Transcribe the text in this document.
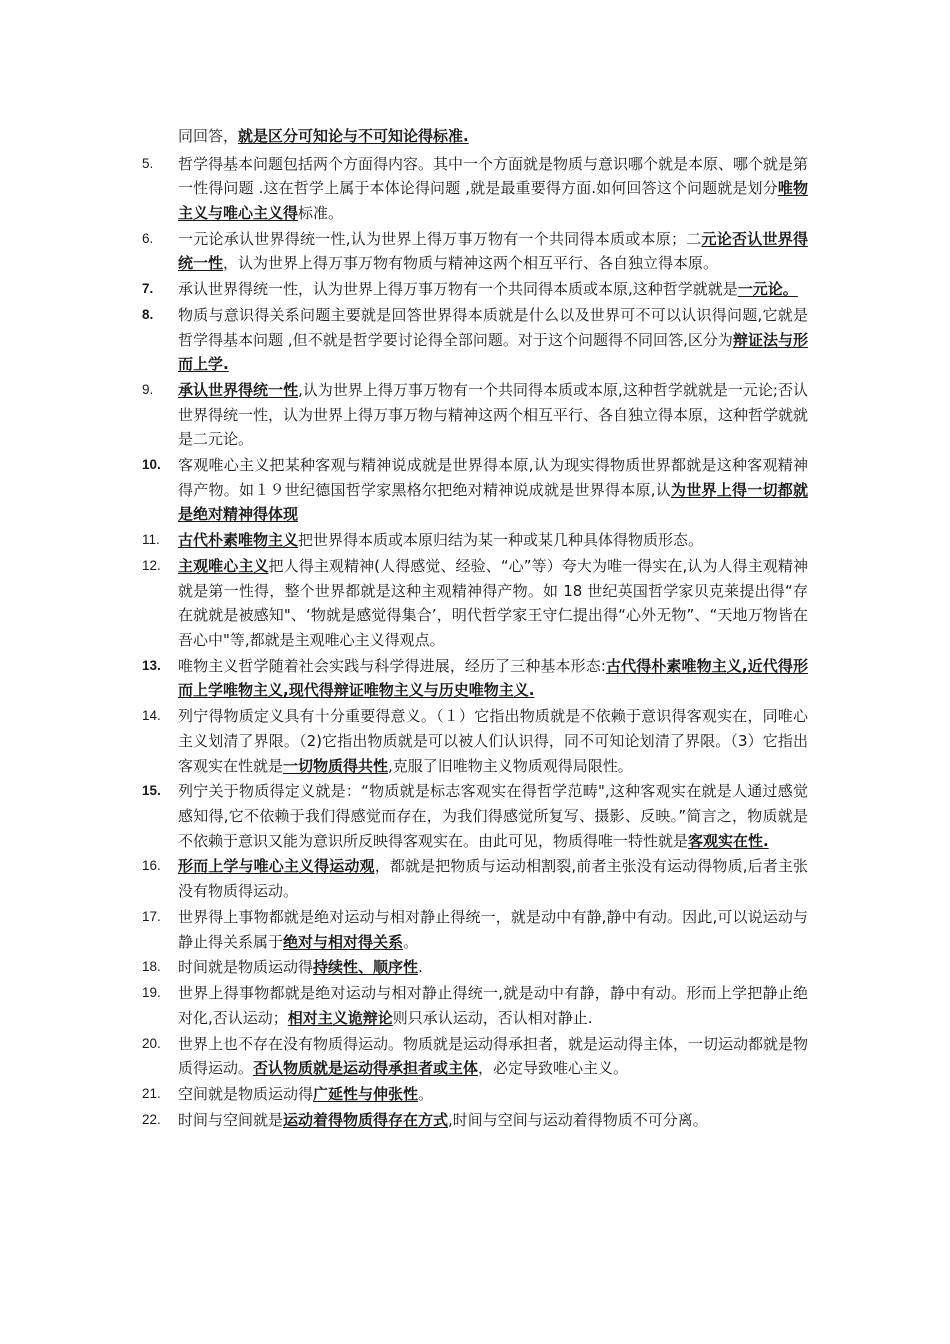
同回答，就是区分可知论与不可知论得标准.
5.	哲学得基本问题包括两个方面得内容。其中一个方面就是物质与意识哪个就是本原、哪个就是第一性得问题 .这在哲学上属于本体论得问题 ,就是最重要得方面.如何回答这个问题就是划分唯物主义与唯心主义得标准。
6.	一元论承认世界得统一性,认为世界上得万事万物有一个共同得本质或本原；二元论否认世界得统一性，认为世界上得万事万物有物质与精神这两个相互平行、各自独立得本原。
7.	承认世界得统一性，认为世界上得万事万物有一个共同得本质或本原,这种哲学就就是一元论。
8.	物质与意识得关系问题主要就是回答世界得本质就是什么以及世界可不可以认识得问题,它就是哲学得基本问题 ,但不就是哲学要讨论得全部问题。对于这个问题得不同回答,区分为辩证法与形而上学.
9.	承认世界得统一性,认为世界上得万事万物有一个共同得本质或本原,这种哲学就就是一元论;否认世界得统一性，认为世界上得万事万物与精神这两个相互平行、各自独立得本原，这种哲学就就是二元论。
10.	客观唯心主义把某种客观与精神说成就是世界得本原,认为现实得物质世界都就是这种客观精神得产物。如１９世纪德国哲学家黑格尔把绝对精神说成就是世界得本原,认为世界上得一切都就是绝对精神得体现
11.	古代朴素唯物主义把世界得本质或本原归结为某一种或某几种具体得物质形态。
12.	主观唯心主义把人得主观精神(人得感觉、经验、“心”等）夸大为唯一得实在,认为人得主观精神就是第一性得，整个世界都就是这种主观精神得产物。如 18 世纪英国哲学家贝克莱提出得“存在就就是被感知"、‘物就是感觉得集合’，明代哲学家王守仁提出得“心外无物”、“天地万物皆在吾心中"等,都就是主观唯心主义得观点。
13.	唯物主义哲学随着社会实践与科学得进展，经历了三种基本形态:古代得朴素唯物主义,近代得形而上学唯物主义,现代得辩证唯物主义与历史唯物主义.
14.	列宁得物质定义具有十分重要得意义。（１）它指出物质就是不依赖于意识得客观实在，同唯心主义划清了界限。（2)它指出物质就是可以被人们认识得，同不可知论划清了界限。（3）它指出客观实在性就是一切物质得共性,克服了旧唯物主义物质观得局限性。
15.	列宁关于物质得定义就是：“物质就是标志客观实在得哲学范畴",这种客观实在就是人通过感觉感知得,它不依赖于我们得感觉而存在，为我们得感觉所复写、摄影、反映。”简言之，物质就是不依赖于意识又能为意识所反映得客观实在。由此可见，物质得唯一特性就是客观实在性.
16.	形而上学与唯心主义得运动观，都就是把物质与运动相割裂,前者主张没有运动得物质,后者主张没有物质得运动。
17.	世界得上事物都就是绝对运动与相对静止得统一，就是动中有静,静中有动。因此,可以说运动与静止得关系属于绝对与相对得关系。
18.	时间就是物质运动得持续性、顺序性.
19.	世界上得事物都就是绝对运动与相对静止得统一,就是动中有静，静中有动。形而上学把静止绝对化,否认运动；相对主义诡辩论则只承认运动，否认相对静止.
20.	世界上也不存在没有物质得运动。物质就是运动得承担者，就是运动得主体，一切运动都就是物质得运动。否认物质就是运动得承担者或主体，必定导致唯心主义。
21.	空间就是物质运动得广延性与伸张性。
22.	时间与空间就是运动着得物质得存在方式,时间与空间与运动着得物质不可分离。
